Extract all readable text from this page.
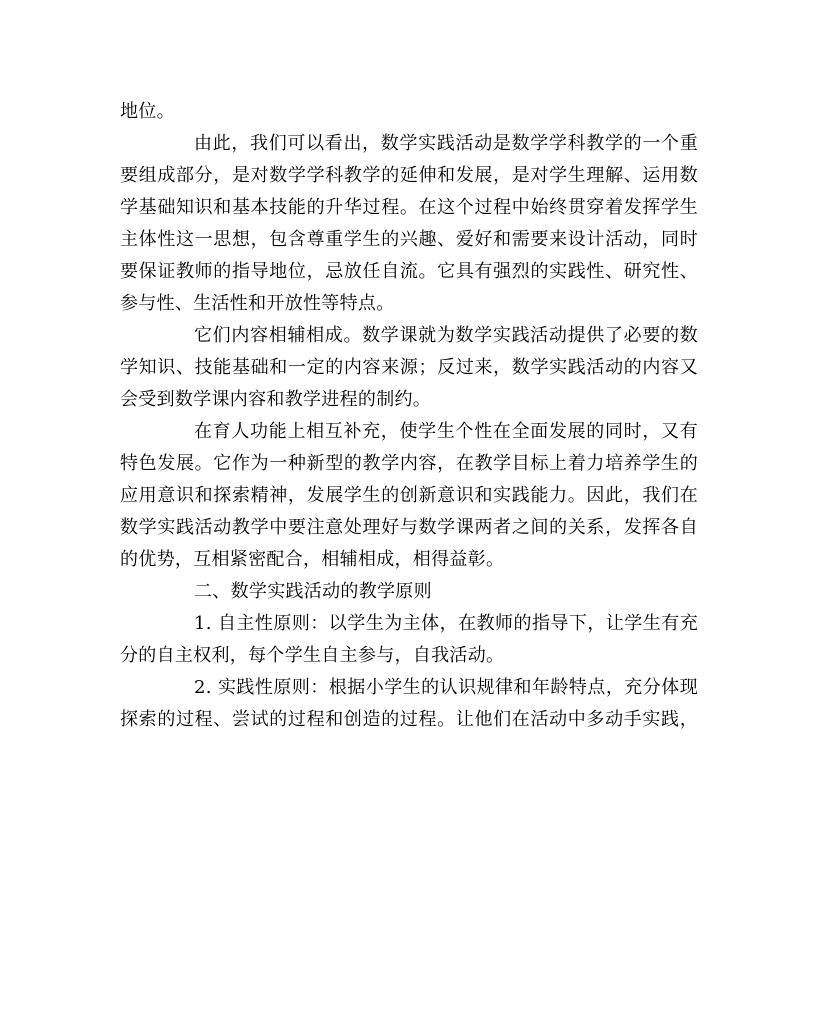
地位。
由此，我们可以看出，数学实践活动是数学学科教学的一个重
要组成部分，是对数学学科教学的延伸和发展，是对学生理解、运用数
学基础知识和基本技能的升华过程。在这个过程中始终贯穿着发挥学生
主体性这一思想，包含尊重学生的兴趣、爱好和需要来设计活动，同时
要保证教师的指导地位，忌放任自流。它具有强烈的实践性、研究性、
参与性、生活性和开放性等特点。
它们内容相辅相成。数学课就为数学实践活动提供了必要的数
学知识、技能基础和一定的内容来源；反过来，数学实践活动的内容又
会受到数学课内容和教学进程的制约。
在育人功能上相互补充，使学生个性在全面发展的同时，又有
特色发展。它作为一种新型的教学内容，在教学目标上着力培养学生的
应用意识和探索精神，发展学生的创新意识和实践能力。因此，我们在
数学实践活动教学中要注意处理好与数学课两者之间的关系，发挥各自
的优势，互相紧密配合，相辅相成，相得益彰。
二、数学实践活动的教学原则
1. 自主性原则：以学生为主体，在教师的指导下，让学生有充
分的自主权利，每个学生自主参与，自我活动。
2. 实践性原则：根据小学生的认识规律和年龄特点，充分体现
探索的过程、尝试的过程和创造的过程。让他们在活动中多动手实践，
